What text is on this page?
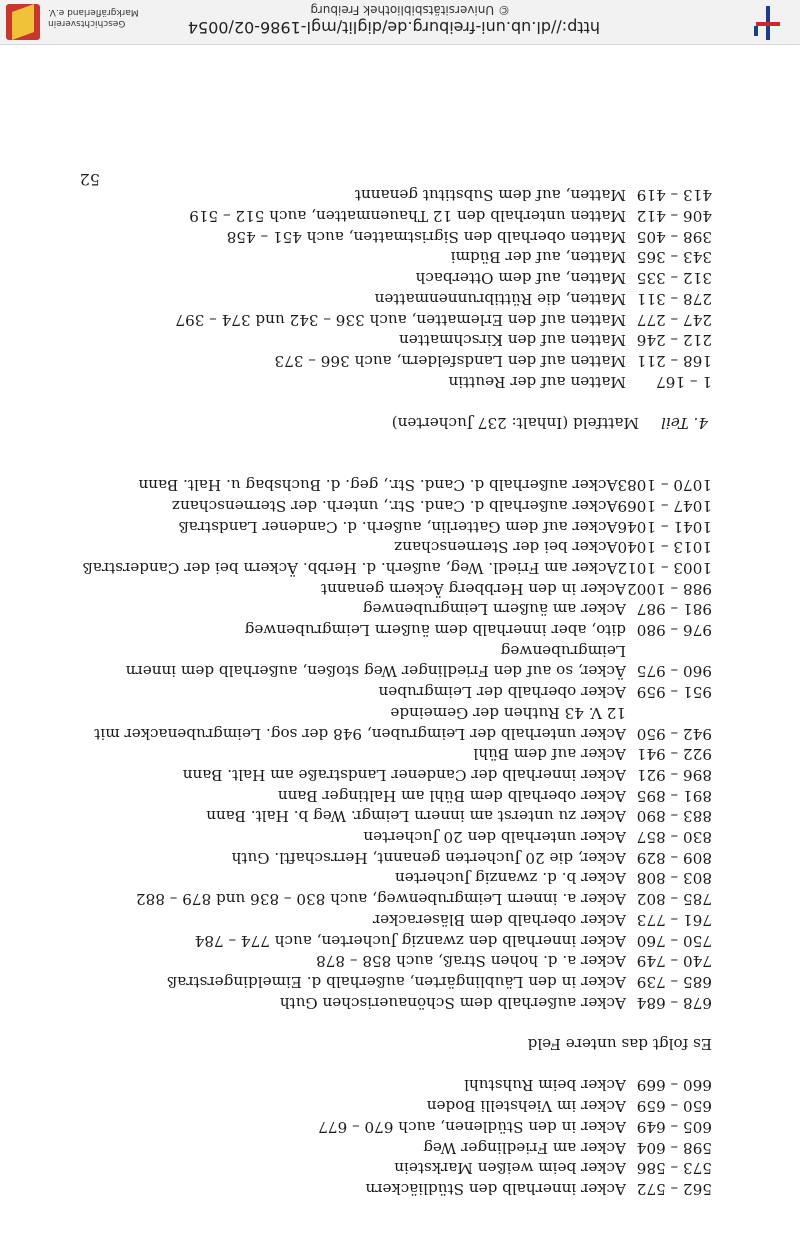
http://dl.ub.uni-freiburg.de/diglit/mgl-1986-02/0054
© Universitätsbibliothek Freiburg
Geschichtsverein
Markgräflerland e.V.
52
562 – 572
Acker innerhalb den Stüdliäckern
573 – 586
Acker beim weißen Markstein
598 – 604
Acker am Friedlinger Weg
605 – 649
Acker in den Stüdlenen, auch 670 – 677
650 – 659
Acker im Viehstelli Boden
660 – 669
Acker beim Ruhstuhl
Es folgt das untere Feld
678 – 684
Acker außerhalb dem Schönauerischen Guth
685 – 739
Acker in den Läublingärten, außerhalb d. Eimeldingerstraß
740 – 749
Acker a. d. hohen Straß, auch 858 – 878
750 – 760
Acker innerhalb den zwanzig Jucherten, auch 774 – 784
761 – 773
Acker oberhalb dem Bläseracker
785 – 802
Acker a. innern Leimgrubenweg, auch 830 – 836 und 879 – 882
803 – 808
Acker b. d. zwanzig Jucherten
809 – 829
Acker, die 20 Jucherten genannt, Herrschaftl. Guth
830 – 857
Acker unterhalb den 20 Jucherten
883 – 890
Acker zu unterst am innern Leimgr. Weg b. Halt. Bann
891 – 895
Acker oberhalb dem Bühl am Haltinger Bann
896 – 921
Acker innerhalb der Candener Landstraße am Halt. Bann
922 – 941
Acker auf dem Bühl
942 – 950
Acker unterhalb der Leimgruben, 948 der sog. Leimgrubenacker mit
12 V. 43 Ruthen der Gemeinde
951 – 959
Acker oberhalb der Leimgruben
960 – 975
Äcker, so auf den Friedlinger Weg stoßen, außerhalb dem innern
Leimgrubenweg
976 – 980
dito, aber innerhalb dem äußern Leimgrubenweg
981 – 987
Acker am äußern Leimgrubenweg
988 – 1002
Acker in den Herbberg Äckern genannt
1003 – 1012
Acker am Friedl. Weg, außerh. d. Herbb. Äckern bei der Canderstraß
1013 – 1040
Acker bei der Sternenschanz
1041 – 1046
Acker auf dem Gatterlin, außerh. d. Candener Landstraß
1047 – 1069
Acker außerhalb d. Cand. Str., unterh. der Sternenschanz
1070 – 1083
Acker außerhalb d. Cand. Str., geg. d. Buchsbag u. Halt. Bann
4. Teil
Mattfeld (Inhalt: 237 Jucherten)
1 – 167
Matten auf der Reuttin
168 – 211
Matten auf den Landsfeldern, auch 366 – 373
212 – 246
Matten auf den Kirschmatten
247 – 277
Matten auf den Erlematten, auch 336 – 342 und 374 – 397
278 – 311
Matten, die Rüttibrunnenmatten
312 – 335
Matten, auf dem Otterbach
343 – 365
Matten, auf der Büdmi
398 – 405
Matten oberhalb den Sigristmatten, auch 451 – 458
406 – 412
Matten unterhalb den 12 Thauenmatten, auch 512 – 519
413 – 419
Matten, auf dem Substitut genannt
